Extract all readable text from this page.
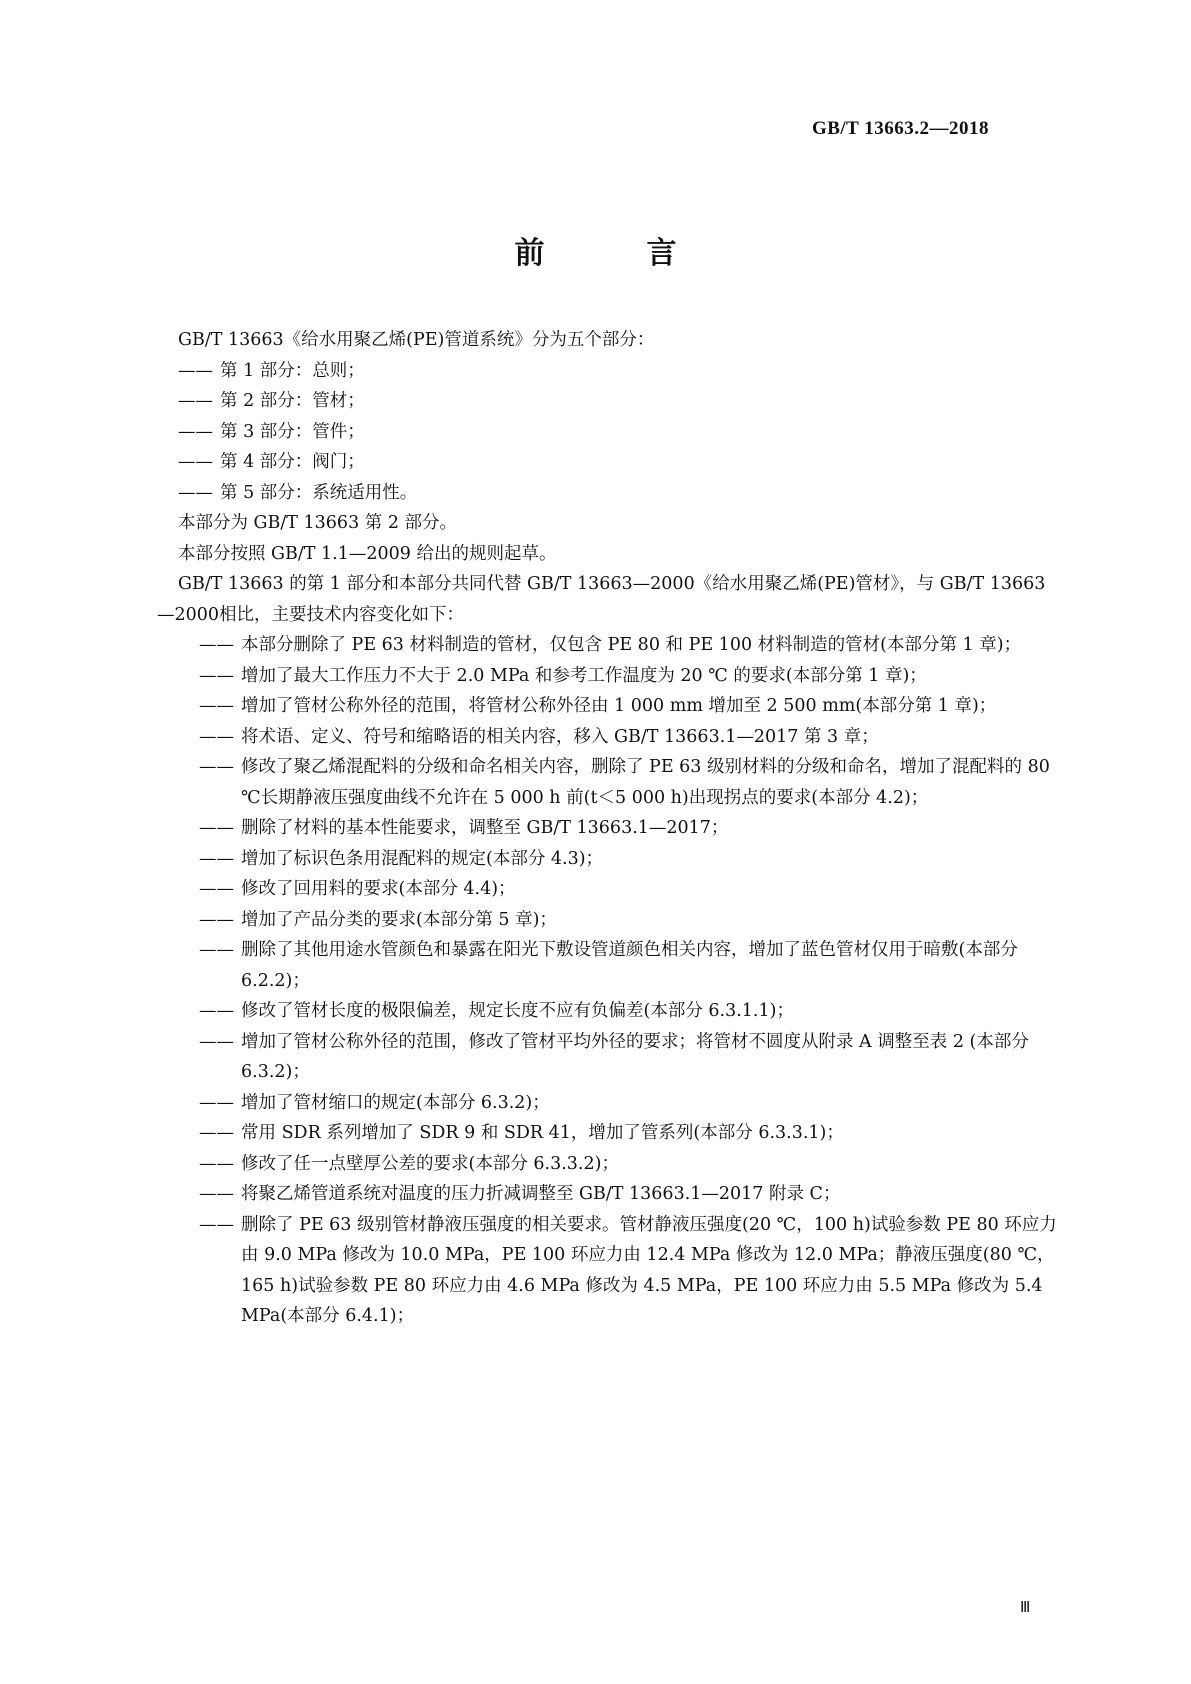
GB/T 13663.2—2018
前　言

GB/T 13663《给水用聚乙烯(PE)管道系统》分为五个部分：

—— 第 1 部分：总则；

—— 第 2 部分：管材；

—— 第 3 部分：管件；

—— 第 4 部分：阀门；

—— 第 5 部分：系统适用性。

本部分为 GB/T 13663 第 2 部分。

本部分按照 GB/T 1.1—2009 给出的规则起草。

GB/T 13663 的第 1 部分和本部分共同代替 GB/T 13663—2000《给水用聚乙烯(PE)管材》，与 GB/T 13663—2000相比，主要技术内容变化如下：

—— 本部分删除了 PE 63 材料制造的管材，仅包含 PE 80 和 PE 100 材料制造的管材(本部分第 1 章)；

—— 增加了最大工作压力不大于 2.0 MPa 和参考工作温度为 20 ℃ 的要求(本部分第 1 章)；

—— 增加了管材公称外径的范围，将管材公称外径由 1 000 mm 增加至 2 500 mm(本部分第 1 章)；

—— 将术语、定义、符号和缩略语的相关内容，移入 GB/T 13663.1—2017 第 3 章；

—— 修改了聚乙烯混配料的分级和命名相关内容，删除了 PE 63 级别材料的分级和命名，增加了混配料的 80 ℃长期静液压强度曲线不允许在 5 000 h 前(t＜5 000 h)出现拐点的要求(本部分 4.2)；

—— 删除了材料的基本性能要求，调整至 GB/T 13663.1—2017；

—— 增加了标识色条用混配料的规定(本部分 4.3)；

—— 修改了回用料的要求(本部分 4.4)；

—— 增加了产品分类的要求(本部分第 5 章)；

—— 删除了其他用途水管颜色和暴露在阳光下敷设管道颜色相关内容，增加了蓝色管材仅用于暗敷(本部分 6.2.2)；

—— 修改了管材长度的极限偏差，规定长度不应有负偏差(本部分 6.3.1.1)；

—— 增加了管材公称外径的范围，修改了管材平均外径的要求；将管材不圆度从附录 A 调整至表 2 (本部分 6.3.2)；

—— 增加了管材缩口的规定(本部分 6.3.2)；

—— 常用 SDR 系列增加了 SDR 9 和 SDR 41，增加了管系列(本部分 6.3.3.1)；

—— 修改了任一点壁厚公差的要求(本部分 6.3.3.2)；

—— 将聚乙烯管道系统对温度的压力折减调整至 GB/T 13663.1—2017 附录 C；

—— 删除了 PE 63 级别管材静液压强度的相关要求。管材静液压强度(20 ℃，100 h)试验参数 PE 80 环应力由 9.0 MPa 修改为 10.0 MPa，PE 100 环应力由 12.4 MPa 修改为 12.0 MPa；静液压强度(80 ℃，165 h)试验参数 PE 80 环应力由 4.6 MPa 修改为 4.5 MPa，PE 100 环应力由 5.5 MPa 修改为 5.4 MPa(本部分 6.4.1)；

Ⅲ
